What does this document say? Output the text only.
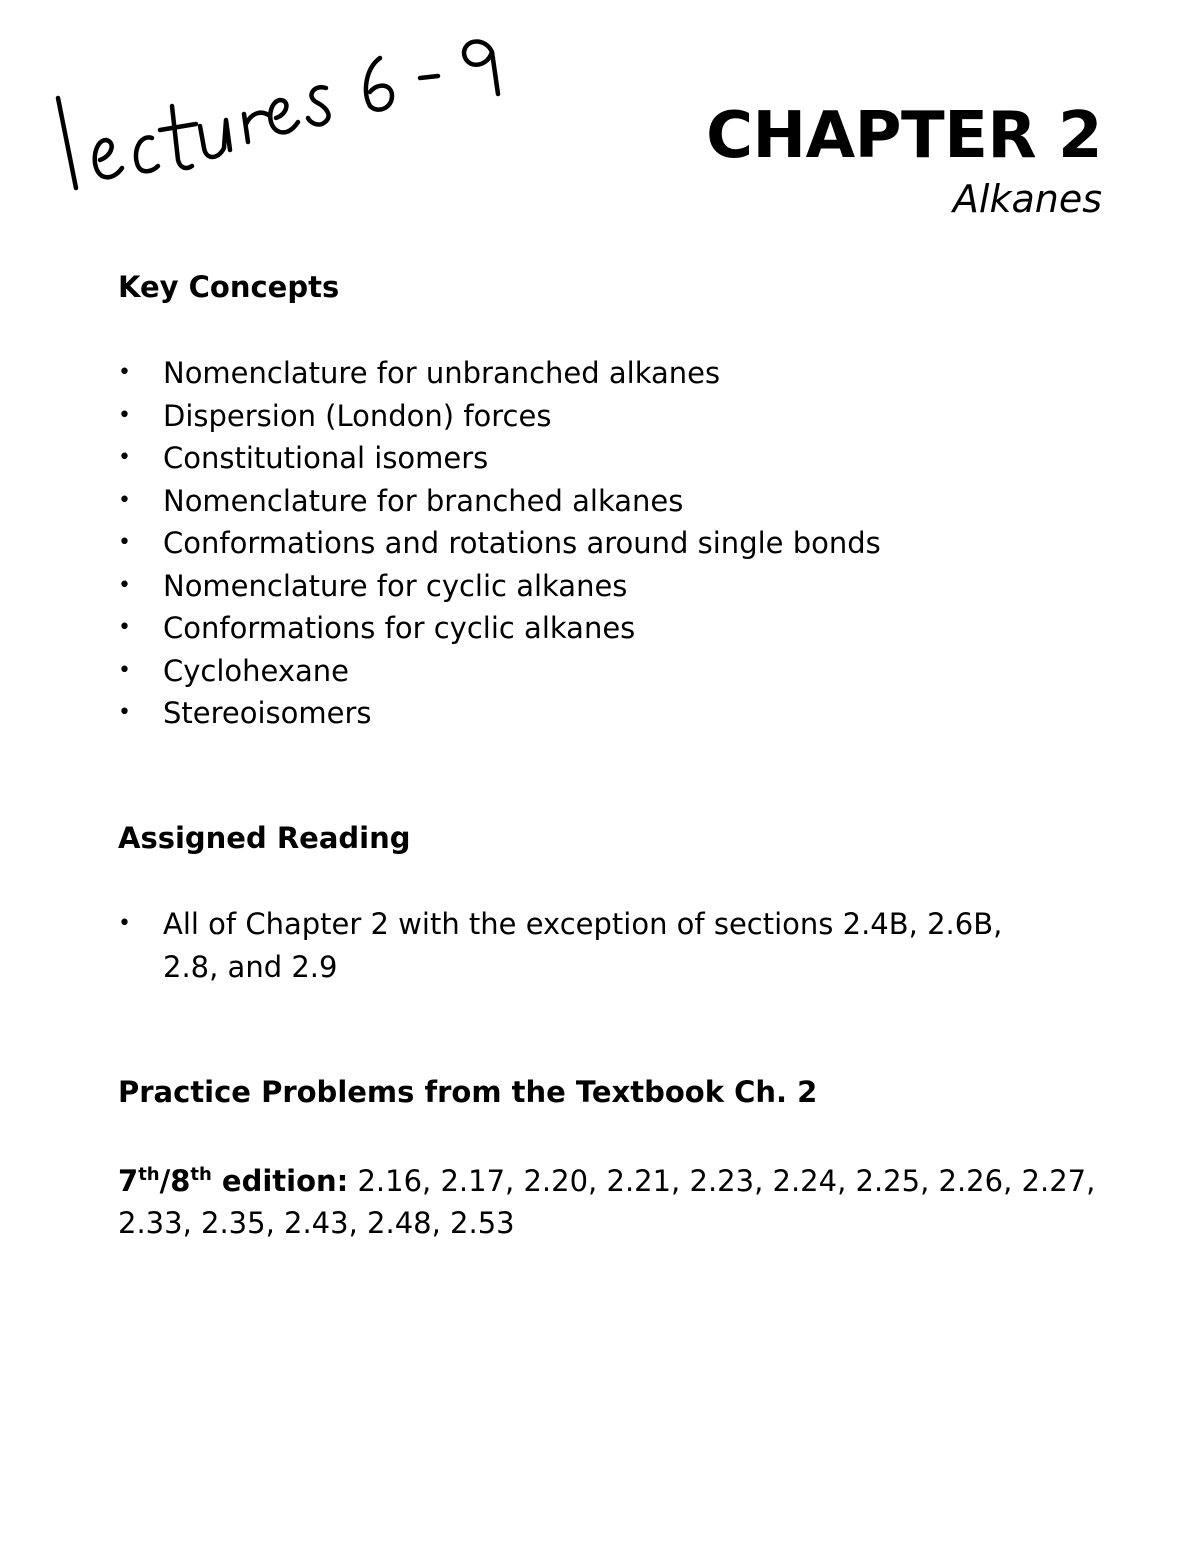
CHAPTER 2
Alkanes
Key Concepts
• Nomenclature for unbranched alkanes
• Dispersion (London) forces
• Constitutional isomers
• Nomenclature for branched alkanes
• Conformations and rotations around single bonds
• Nomenclature for cyclic alkanes
• Conformations for cyclic alkanes
• Cyclohexane
• Stereoisomers
Assigned Reading
• All of Chapter 2 with the exception of sections 2.4B, 2.6B, 2.8, and 2.9
Practice Problems from the Textbook Ch. 2
7th/8th edition: 2.16, 2.17, 2.20, 2.21, 2.23, 2.24, 2.25, 2.26, 2.27, 2.33, 2.35, 2.43, 2.48, 2.53
